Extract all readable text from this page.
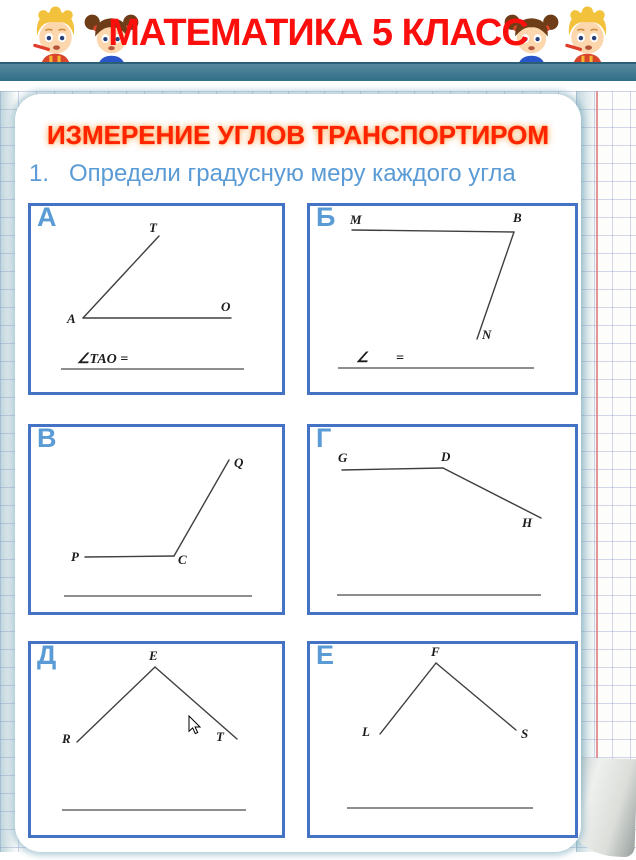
МАТЕМАТИКА 5 КЛАСС
ИЗМЕРЕНИЕ УГЛОВ ТРАНСПОРТИРОМ
1. Определи градусную меру каждого угла
А
A
T
O
∠TAO =
Б M	B
N
∠ =
В
P	C
Q
Г
G	D
H
Д	E
R	T
Е	F
L	S
